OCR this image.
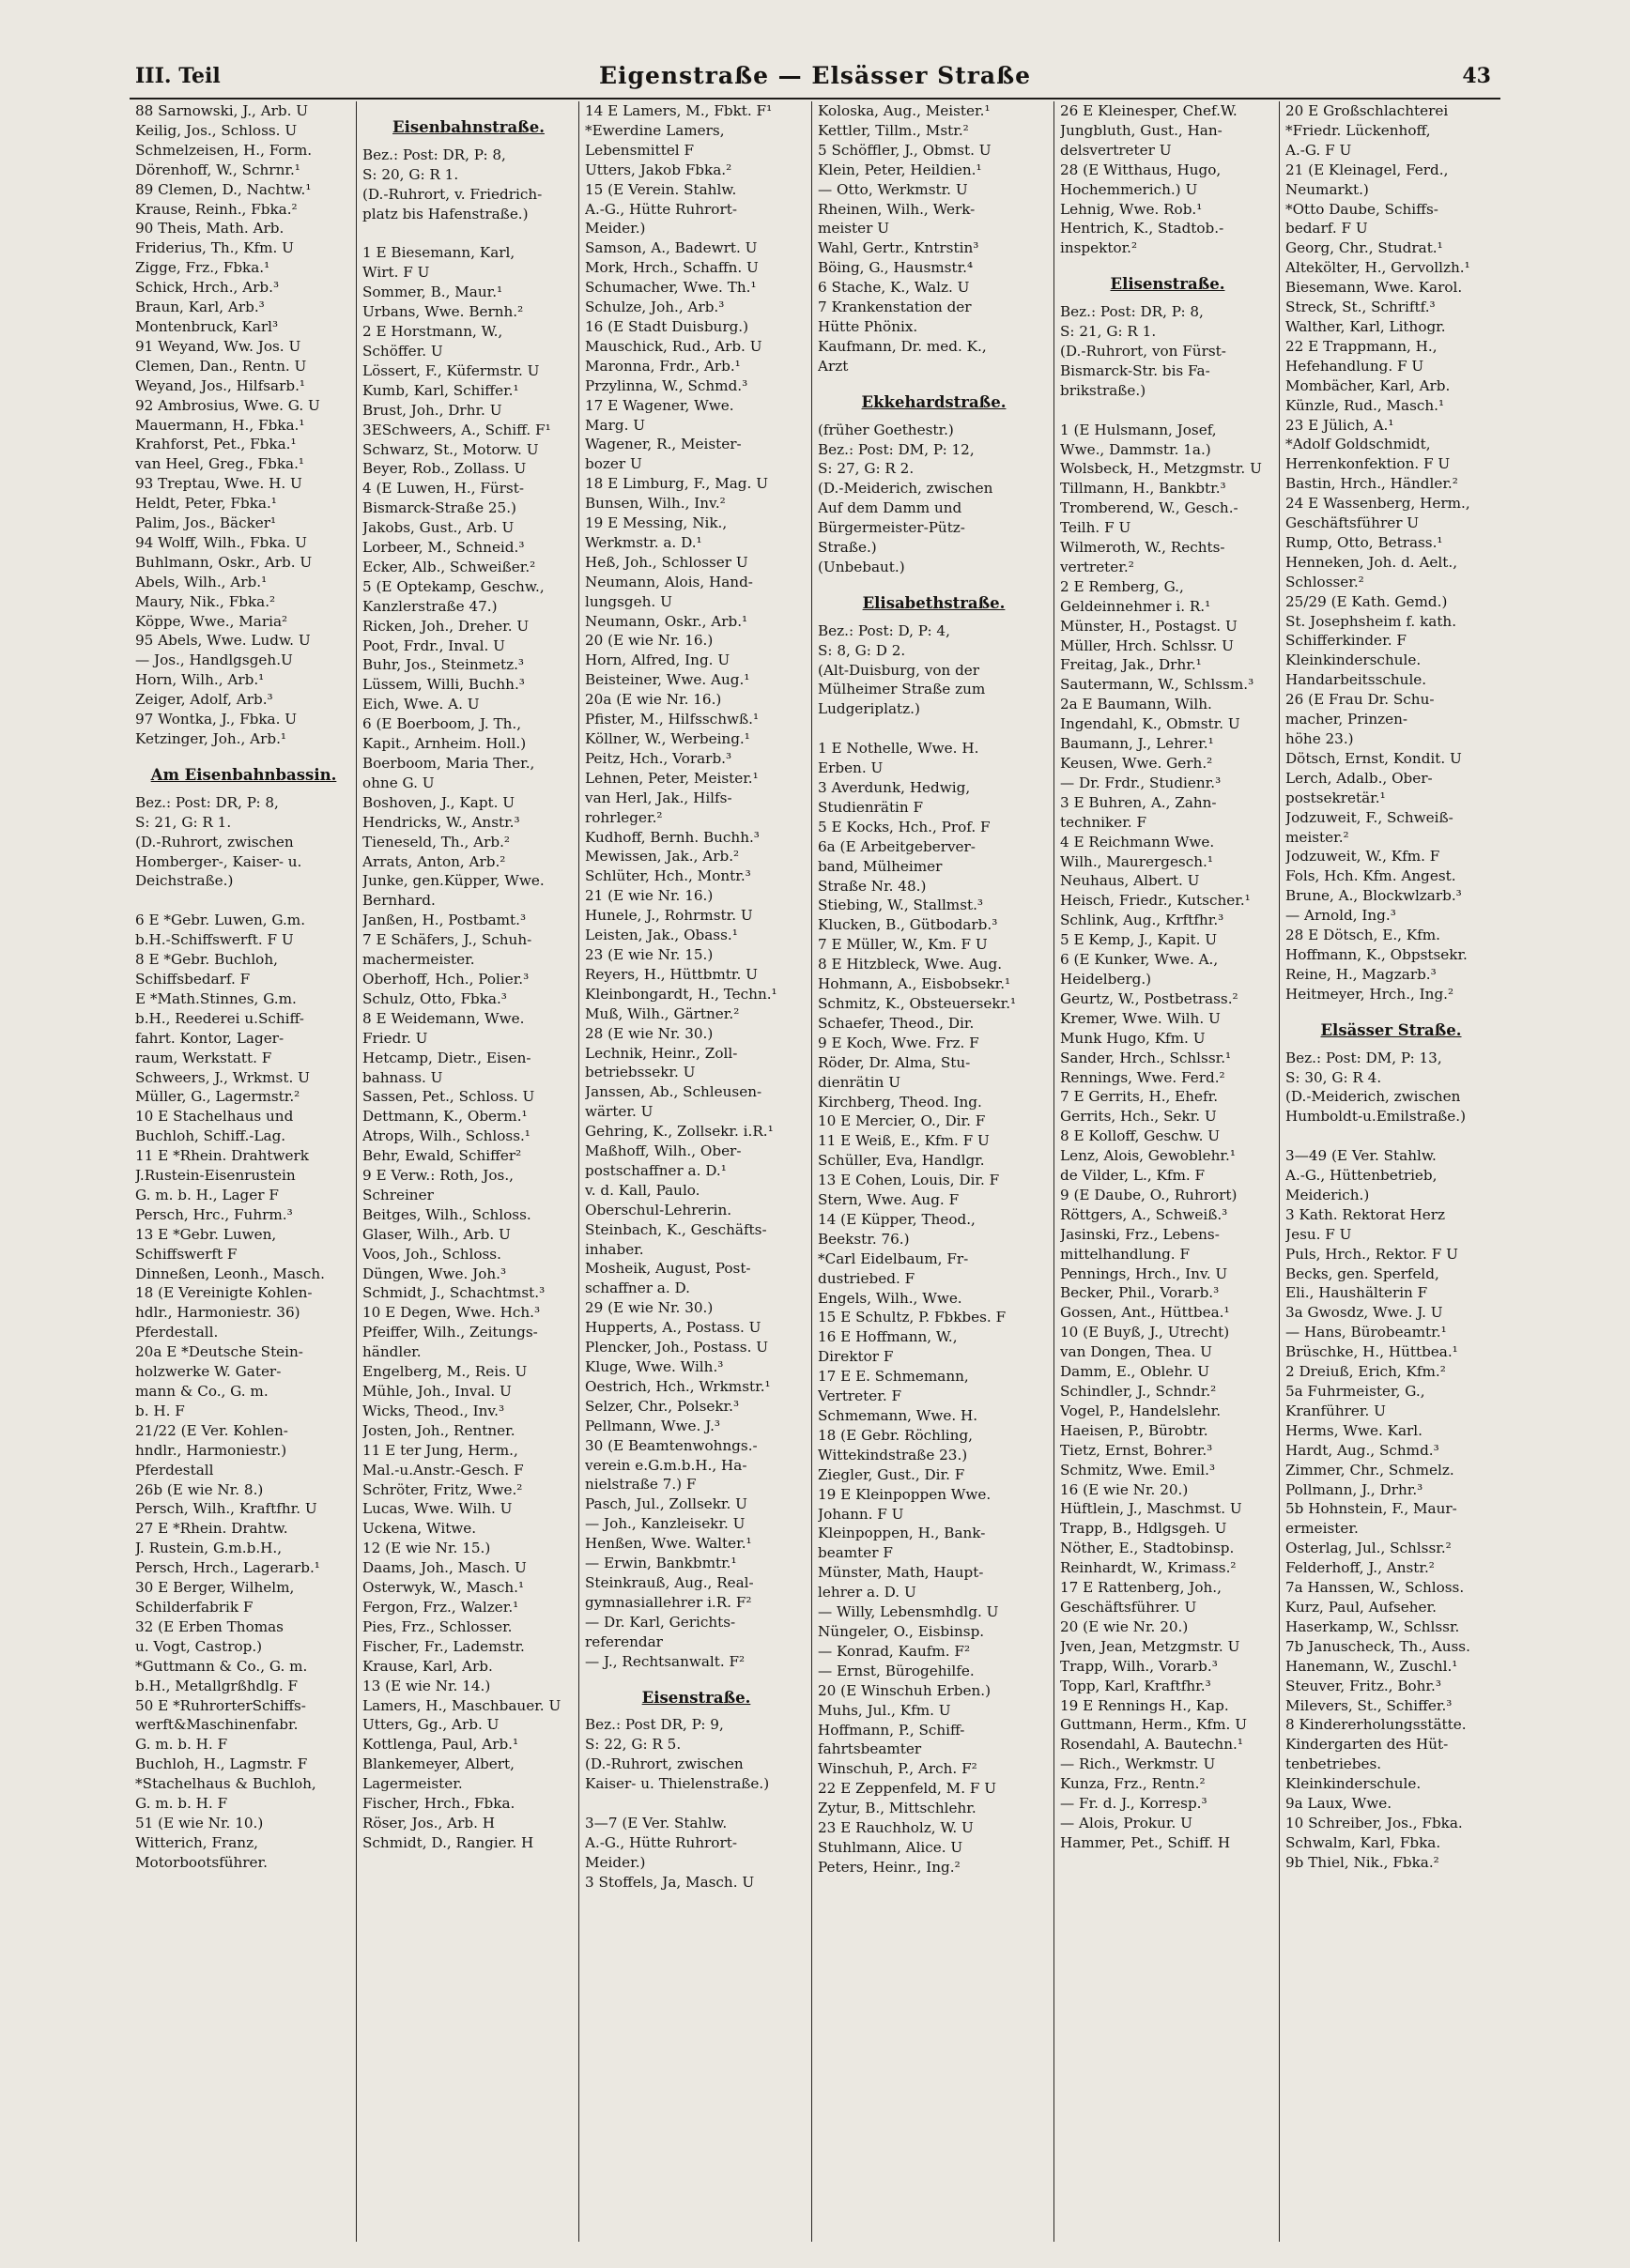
III. Teil	Eigenstraße — Elsässer Straße	43
88 Sarnowski, J., Arb. U
Keilig, Jos., Schloss. U
Schmelzeisen, H., Form.
Dörenhoff, W., Schrnr.¹
89 Clemen, D., Nachtw.¹
Krause, Reinh., Fbka.²
90 Theis, Math. Arb.
Friderius, Th., Kfm. U
Zigge, Frz., Fbka.¹
Schick, Hrch., Arb.³
Braun, Karl, Arb.³
Montenbruck, Karl³
91 Weyand, Ww. Jos. U
Clemen, Dan., Rentn. U
Weyand, Jos., Hilfsarb.¹
92 Ambrosius, Wwe. G. U
Mauermann, H., Fbka.¹
Krahforst, Pet., Fbka.¹
van Heel, Greg., Fbka.¹
93 Treptau, Wwe. H. U
Heldt, Peter, Fbka.¹
Palim, Jos., Bäcker¹
94 Wolff, Wilh., Fbka. U
Buhlmann, Oskr., Arb. U
Abels, Wilh., Arb.¹
Maury, Nik., Fbka.²
Köppe, Wwe., Maria²
95 Abels, Wwe. Ludw. U
— Jos., Handlgsgeh.U
Horn, Wilh., Arb.¹
Zeiger, Adolf, Arb.³
97 Wontka, J., Fbka. U
Ketzinger, Joh., Arb.¹
Am Eisenbahnbassin.
Bez.: Post: DR, P: 8,
S: 21, G: R 1.
(D.-Ruhrort, zwischen
Homberger-, Kaiser- u.
Deichstraße.)

6 E *Gebr. Luwen, G.m.
b.H.-Schiffswerft. F U
8 E *Gebr. Buchloh,
Schiffsbedarf. F
E *Math.Stinnes, G.m.
b.H., Reederei u.Schiff-
fahrt. Kontor, Lager-
raum, Werkstatt. F
Schweers, J., Wrkmst. U
Müller, G., Lagermstr.²
10 E Stachelhaus und
Buchloh, Schiff.-Lag.
11 E *Rhein. Drahtwerk
J.Rustein-Eisenrustein
G. m. b. H., Lager F
Persch, Hrc., Fuhrm.³
13 E *Gebr. Luwen,
Schiffswerft F
Dinneßen, Leonh., Masch.
18 (E Vereinigte Kohlen-
hdlr., Harmoniestr. 36)
Pferdestall.
20a E *Deutsche Stein-
holzwerke W. Gater-
mann & Co., G. m.
b. H. F
21/22 (E Ver. Kohlen-
hndlr., Harmoniestr.)
Pferdestall
26b (E wie Nr. 8.)
Persch, Wilh., Kraftfhr. U
27 E *Rhein. Drahtw.
J. Rustein, G.m.b.H.,
Persch, Hrch., Lagerarb.¹
30 E Berger, Wilhelm,
Schilderfabrik F
32 (E Erben Thomas
u. Vogt, Castrop.)
*Guttmann & Co., G. m.
b.H., Metallgrßhdlg. F
50 E *RuhrorterSchiffs-
werft&Maschinenfabr.
G. m. b. H. F
Buchloh, H., Lagmstr. F
*Stachelhaus & Buchloh,
G. m. b. H. F
51 (E wie Nr. 10.)
Witterich, Franz,
Motorbootsführer.
Eisenbahnstraße.
Bez.: Post: DR, P: 8,
S: 20, G: R 1.
(D.-Ruhrort, v. Friedrich-
platz bis Hafenstraße.)

1 E Biesemann, Karl,
Wirt. F U
Sommer, B., Maur.¹
Urbans, Wwe. Bernh.²
2 E Horstmann, W.,
Schöffer. U
Lössert, F., Küfermstr. U
Kumb, Karl, Schiffer.¹
Brust, Joh., Drhr. U
3ESchweers, A., Schiff. F¹
Schwarz, St., Motorw. U
Beyer, Rob., Zollass. U
4 (E Luwen, H., Fürst-
Bismarck-Straße 25.)
Jakobs, Gust., Arb. U
Lorbeer, M., Schneid.³
Ecker, Alb., Schweißer.²
5 (E Optekamp, Geschw.,
Kanzlerstraße 47.)
Ricken, Joh., Dreher. U
Poot, Frdr., Inval. U
Buhr, Jos., Steinmetz.³
Lüssem, Willi, Buchh.³
Eich, Wwe. A. U
6 (E Boerboom, J. Th.,
Kapit., Arnheim. Holl.)
Boerboom, Maria Ther.,
ohne G. U
Boshoven, J., Kapt. U
Hendricks, W., Anstr.³
Tieneseld, Th., Arb.²
Arrats, Anton, Arb.²
Junke, gen.Küpper, Wwe.
Bernhard.
Janßen, H., Postbamt.³
7 E Schäfers, J., Schuh-
machermeister.
Oberhoff, Hch., Polier.³
Schulz, Otto, Fbka.³
8 E Weidemann, Wwe.
Friedr. U
Hetcamp, Dietr., Eisen-
bahnass. U
Sassen, Pet., Schloss. U
Dettmann, K., Oberm.¹
Atrops, Wilh., Schloss.¹
Behr, Ewald, Schiffer²
9 E Verw.: Roth, Jos.,
Schreiner
Beitges, Wilh., Schloss.
Glaser, Wilh., Arb. U
Voos, Joh., Schloss.
Düngen, Wwe. Joh.³
Schmidt, J., Schachtmst.³
10 E Degen, Wwe. Hch.³
Pfeiffer, Wilh., Zeitungs-
händler.
Engelberg, M., Reis. U
Mühle, Joh., Inval. U
Wicks, Theod., Inv.³
Josten, Joh., Rentner.
11 E ter Jung, Herm.,
Mal.-u.Anstr.-Gesch. F
Schröter, Fritz, Wwe.²
Lucas, Wwe. Wilh. U
Uckena, Witwe.
12 (E wie Nr. 15.)
Daams, Joh., Masch. U
Osterwyk, W., Masch.¹
Fergon, Frz., Walzer.¹
Pies, Frz., Schlosser.
Fischer, Fr., Lademstr.
Krause, Karl, Arb.
13 (E wie Nr. 14.)
Lamers, H., Maschbauer. U
Utters, Gg., Arb. U
Kottlenga, Paul, Arb.¹
Blankemeyer, Albert,
Lagermeister.
Fischer, Hrch., Fbka.
Röser, Jos., Arb. H
Schmidt, D., Rangier. H
14 E Lamers, M., Fbkt. F¹
*Ewerdine Lamers,
Lebensmittel F
Utters, Jakob Fbka.²
15 (E Verein. Stahlw.
A.-G., Hütte Ruhrort-
Meider.)
Samson, A., Badewrt. U
Mork, Hrch., Schaffn. U
Schumacher, Wwe. Th.¹
Schulze, Joh., Arb.³
16 (E Stadt Duisburg.)
Mauschick, Rud., Arb. U
Maronna, Frdr., Arb.¹
Przylinna, W., Schmd.³
17 E Wagener, Wwe.
Marg. U
Wagener, R., Meister-
bozer U
18 E Limburg, F., Mag. U
Bunsen, Wilh., Inv.²
19 E Messing, Nik.,
Werkmstr. a. D.¹
Heß, Joh., Schlosser U
Neumann, Alois, Hand-
lungsgeh. U
Neumann, Oskr., Arb.¹
20 (E wie Nr. 16.)
Horn, Alfred, Ing. U
Beisteiner, Wwe. Aug.¹
20a (E wie Nr. 16.)
Pfister, M., Hilfsschwß.¹
Köllner, W., Werbeing.¹
Peitz, Hch., Vorarb.³
Lehnen, Peter, Meister.¹
van Herl, Jak., Hilfs-
rohrleger.²
Kudhoff, Bernh. Buchh.³
Mewissen, Jak., Arb.²
Schlüter, Hch., Montr.³
21 (E wie Nr. 16.)
Hunele, J., Rohrmstr. U
Leisten, Jak., Obass.¹
23 (E wie Nr. 15.)
Reyers, H., Hüttbmtr. U
Kleinbongardt, H., Techn.¹
Muß, Wilh., Gärtner.²
28 (E wie Nr. 30.)
Lechnik, Heinr., Zoll-
betriebssekr. U
Janssen, Ab., Schleusen-
wärter. U
Gehring, K., Zollsekr. i.R.¹
Maßhoff, Wilh., Ober-
postschaffner a. D.¹
v. d. Kall, Paulo.
Oberschul-Lehrerin.
Steinbach, K., Geschäfts-
inhaber.
Mosheik, August, Post-
schaffner a. D.
29 (E wie Nr. 30.)
Hupperts, A., Postass. U
Plencker, Joh., Postass. U
Kluge, Wwe. Wilh.³
Oestrich, Hch., Wrkmstr.¹
Selzer, Chr., Polsekr.³
Pellmann, Wwe. J.³
30 (E Beamtenwohngs.-
verein e.G.m.b.H., Ha-
nielstraße 7.) F
Pasch, Jul., Zollsekr. U
— Joh., Kanzleisekr. U
Henßen, Wwe. Walter.¹
— Erwin, Bankbmtr.¹
Steinkrauß, Aug., Real-
gymnasiallehrer i.R. F²
— Dr. Karl, Gerichts-
referendar
— J., Rechtsanwalt. F²
Eisenstraße.
Bez.: Post DR, P: 9,
S: 22, G: R 5.
(D.-Ruhrort, zwischen
Kaiser- u. Thielenstraße.)

3—7 (E Ver. Stahlw.
A.-G., Hütte Ruhrort-
Meider.)
3 Stoffels, Ja, Masch. U
Koloska, Aug., Meister.¹
Kettler, Tillm., Mstr.²
5 Schöffler, J., Obmst. U
Klein, Peter, Heildien.¹
— Otto, Werkmstr. U
Rheinen, Wilh., Werk-
meister U
Wahl, Gertr., Kntrstin³
Böing, G., Hausmstr.⁴
6 Stache, K., Walz. U
7 Krankenstation der
Hütte Phönix.
Kaufmann, Dr. med. K.,
Arzt
Ekkehardstraße.
(früher Goethestr.)
Bez.: Post: DM, P: 12,
S: 27, G: R 2.
(D.-Meiderich, zwischen
Auf dem Damm und
Bürgermeister-Pütz-
Straße.)
(Unbebaut.)
Elisabethstraße.
Bez.: Post: D, P: 4,
S: 8, G: D 2.
(Alt-Duisburg, von der
Mülheimer Straße zum
Ludgeriplatz.)

1 E Nothelle, Wwe. H.
Erben. U
3 Averdunk, Hedwig,
Studienrätin F
5 E Kocks, Hch., Prof. F
6a (E Arbeitgeberver-
band, Mülheimer
Straße Nr. 48.)
Stiebing, W., Stallmst.³
Klucken, B., Gütbodarb.³
7 E Müller, W., Km. F U
8 E Hitzbleck, Wwe. Aug.
Hohmann, A., Eisbobsekr.¹
Schmitz, K., Obsteuersekr.¹
Schaefer, Theod., Dir.
9 E Koch, Wwe. Frz. F
Röder, Dr. Alma, Stu-
dienrätin U
Kirchberg, Theod. Ing.
10 E Mercier, O., Dir. F
11 E Weiß, E., Kfm. F U
Schüller, Eva, Handlgr.
13 E Cohen, Louis, Dir. F
Stern, Wwe. Aug. F
14 (E Küpper, Theod.,
Beekstr. 76.)
*Carl Eidelbaum, Fr-
dustriebed. F
Engels, Wilh., Wwe.
15 E Schultz, P. Fbkbes. F
16 E Hoffmann, W.,
Direktor F
17 E E. Schmemann,
Vertreter. F
Schmemann, Wwe. H.
18 (E Gebr. Röchling,
Wittekindstraße 23.)
Ziegler, Gust., Dir. F
19 E Kleinpoppen Wwe.
Johann. F U
Kleinpoppen, H., Bank-
beamter F
Münster, Math, Haupt-
lehrer a. D. U
— Willy, Lebensmhdlg. U
Nüngeler, O., Eisbinsp.
— Konrad, Kaufm. F²
— Ernst, Bürogehilfe.
20 (E Winschuh Erben.)
Muhs, Jul., Kfm. U
Hoffmann, P., Schiff-
fahrtsbeamter
Winschuh, P., Arch. F²
22 E Zeppenfeld, M. F U
Zytur, B., Mittschlehr.
23 E Rauchholz, W. U
Stuhlmann, Alice. U
Peters, Heinr., Ing.²
26 E Kleinesper, Chef.W.
Jungbluth, Gust., Han-
delsvertreter U
28 (E Witthaus, Hugo,
Hochemmerich.) U
Lehnig, Wwe. Rob.¹
Hentrich, K., Stadtob.-
inspektor.²
Elisenstraße.
Bez.: Post: DR, P: 8,
S: 21, G: R 1.
(D.-Ruhrort, von Fürst-
Bismarck-Str. bis Fa-
brikstraße.)

1 (E Hulsmann, Josef,
Wwe., Dammstr. 1a.)
Wolsbeck, H., Metzgmstr. U
Tillmann, H., Bankbtr.³
Tromberend, W., Gesch.-
Teilh. F U
Wilmeroth, W., Rechts-
vertreter.²
2 E Remberg, G.,
Geldeinnehmer i. R.¹
Münster, H., Postagst. U
Müller, Hrch. Schlssr. U
Freitag, Jak., Drhr.¹
Sautermann, W., Schlssm.³
2a E Baumann, Wilh.
Ingendahl, K., Obmstr. U
Baumann, J., Lehrer.¹
Keusen, Wwe. Gerh.²
— Dr. Frdr., Studienr.³
3 E Buhren, A., Zahn-
techniker. F
4 E Reichmann Wwe.
Wilh., Maurergesch.¹
Neuhaus, Albert. U
Heisch, Friedr., Kutscher.¹
Schlink, Aug., Krftfhr.³
5 E Kemp, J., Kapit. U
6 (E Kunker, Wwe. A.,
Heidelberg.)
Geurtz, W., Postbetrass.²
Kremer, Wwe. Wilh. U
Munk Hugo, Kfm. U
Sander, Hrch., Schlssr.¹
Rennings, Wwe. Ferd.²
7 E Gerrits, H., Ehefr.
Gerrits, Hch., Sekr. U
8 E Kolloff, Geschw. U
Lenz, Alois, Gewoblehr.¹
de Vilder, L., Kfm. F
9 (E Daube, O., Ruhrort)
Röttgers, A., Schweiß.³
Jasinski, Frz., Lebens-
mittelhandlung. F
Pennings, Hrch., Inv. U
Becker, Phil., Vorarb.³
Gossen, Ant., Hüttbea.¹
10 (E Buyß, J., Utrecht)
van Dongen, Thea. U
Damm, E., Oblehr. U
Schindler, J., Schndr.²
Vogel, P., Handelslehr.
Haeisen, P., Bürobtr.
Tietz, Ernst, Bohrer.³
Schmitz, Wwe. Emil.³
16 (E wie Nr. 20.)
Hüftlein, J., Maschmst. U
Trapp, B., Hdlgsgeh. U
Nöther, E., Stadtobinsp.
Reinhardt, W., Krimass.²
17 E Rattenberg, Joh.,
Geschäftsführer. U
20 (E wie Nr. 20.)
Jven, Jean, Metzgmstr. U
Trapp, Wilh., Vorarb.³
Topp, Karl, Kraftfhr.³
19 E Rennings H., Kap.
Guttmann, Herm., Kfm. U
Rosendahl, A. Bautechn.¹
— Rich., Werkmstr. U
Kunza, Frz., Rentn.²
— Fr. d. J., Korresp.³
— Alois, Prokur. U
Hammer, Pet., Schiff. H
20 E Großschlachterei
*Friedr. Lückenhoff,
A.-G. F U
21 (E Kleinagel, Ferd.,
Neumarkt.)
*Otto Daube, Schiffs-
bedarf. F U
Georg, Chr., Studrat.¹
Altekölter, H., Gervollzh.¹
Biesemann, Wwe. Karol.
Streck, St., Schriftf.³
Walther, Karl, Lithogr.
22 E Trappmann, H.,
Hefehandlung. F U
Mombächer, Karl, Arb.
Künzle, Rud., Masch.¹
23 E Jülich, A.¹
*Adolf Goldschmidt,
Herrenkonfektion. F U
Bastin, Hrch., Händler.²
24 E Wassenberg, Herm.,
Geschäftsführer U
Rump, Otto, Betrass.¹
Henneken, Joh. d. Aelt.,
Schlosser.²
25/29 (E Kath. Gemd.)
St. Josephsheim f. kath.
Schifferkinder. F
Kleinkinderschule.
Handarbeitsschule.
26 (E Frau Dr. Schu-
macher, Prinzen-
höhe 23.)
Dötsch, Ernst, Kondit. U
Lerch, Adalb., Ober-
postsekretär.¹
Jodzuweit, F., Schweiß-
meister.²
Jodzuweit, W., Kfm. F
Fols, Hch. Kfm. Angest.
Brune, A., Blockwlzarb.³
— Arnold, Ing.³
28 E Dötsch, E., Kfm.
Hoffmann, K., Obpstsekr.
Reine, H., Magzarb.³
Heitmeyer, Hrch., Ing.²
Elsässer Straße.
Bez.: Post: DM, P: 13,
S: 30, G: R 4.
(D.-Meiderich, zwischen
Humboldt-u.Emilstraße.)

3—49 (E Ver. Stahlw.
A.-G., Hüttenbetrieb,
Meiderich.)
3 Kath. Rektorat Herz
Jesu. F U
Puls, Hrch., Rektor. F U
Becks, gen. Sperfeld,
Eli., Haushälterin F
3a Gwosdz, Wwe. J. U
— Hans, Bürobeamtr.¹
Brüschke, H., Hüttbea.¹
2 Dreiuß, Erich, Kfm.²
5a Fuhrmeister, G.,
Kranführer. U
Herms, Wwe. Karl.
Hardt, Aug., Schmd.³
Zimmer, Chr., Schmelz.
Pollmann, J., Drhr.³
5b Hohnstein, F., Maur-
ermeister.
Osterlag, Jul., Schlssr.²
Felderhoff, J., Anstr.²
7a Hanssen, W., Schloss.
Kurz, Paul, Aufseher.
Haserkamp, W., Schlssr.
7b Januscheck, Th., Auss.
Hanemann, W., Zuschl.¹
Steuver, Fritz., Bohr.³
Milevers, St., Schiffer.³
8 Kindererholungsstätte.
Kindergarten des Hüt-
tenbetriebes.
Kleinkinderschule.
9a Laux, Wwe.
10 Schreiber, Jos., Fbka.
Schwalm, Karl, Fbka.
9b Thiel, Nik., Fbka.²
